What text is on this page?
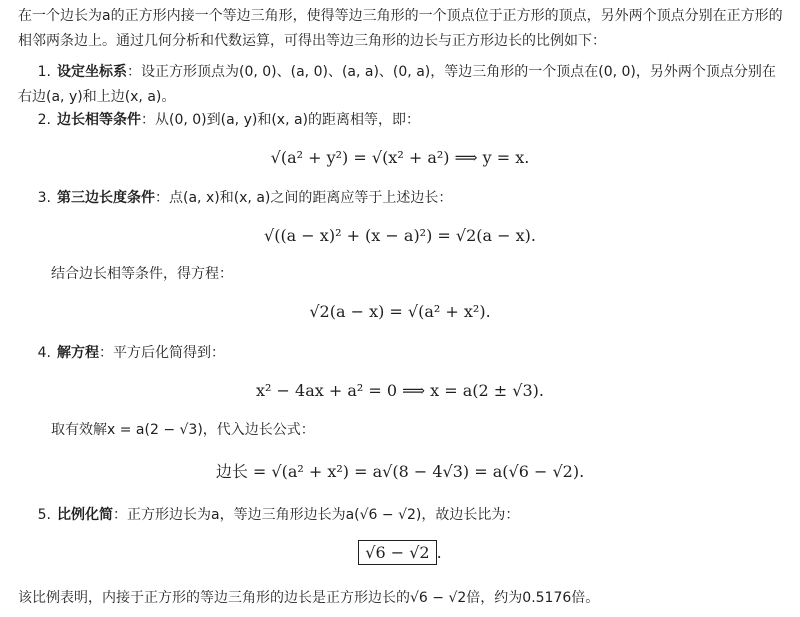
在一个边长为a的正方形内接一个等边三角形，使得等边三角形的一个顶点位于正方形的顶点，另外两个顶点分别在正方形的相邻两条边上。通过几何分析和代数运算，可得出等边三角形的边长与正方形边长的比例如下：

1. 设定坐标系：设正方形顶点为(0, 0)、(a, 0)、(a, a)、(0, a)，等边三角形的一个顶点在(0, 0)，另外两个顶点分别在右边(a, y)和上边(x, a)。

2. 边长相等条件：从(0, 0)到(a, y)和(x, a)的距离相等，即：

√(a² + y²) = √(x² + a²) ⟹ y = x.

3. 第三边长度条件：点(a, x)和(x, a)之间的距离应等于上述边长：

√((a − x)² + (x − a)²) = √2(a − x).

结合边长相等条件，得方程：

√2(a − x) = √(a² + x²).

4. 解方程：平方后化简得到：

x² − 4ax + a² = 0 ⟹ x = a(2 ± √3).

取有效解x = a(2 − √3)，代入边长公式：

边长 = √(a² + x²) = a√(8 − 4√3) = a(√6 − √2).

5. 比例化简：正方形边长为a，等边三角形边长为a(√6 − √2)，故边长比为：

√6 − √2 .

该比例表明，内接于正方形的等边三角形的边长是正方形边长的√6 − √2倍，约为0.5176倍。
